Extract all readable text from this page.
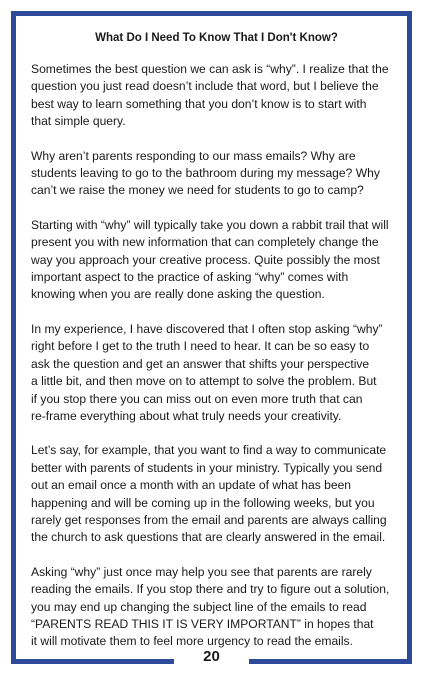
What Do I Need To Know That I Don't Know?

Sometimes the best question we can ask is “why”. I realize that the
question you just read doesn’t include that word, but I believe the
best way to learn something that you don’t know is to start with
that simple query.

Why aren’t parents responding to our mass emails? Why are
students leaving to go to the bathroom during my message? Why
can’t we raise the money we need for students to go to camp?

Starting with “why” will typically take you down a rabbit trail that will
present you with new information that can completely change the
way you approach your creative process. Quite possibly the most
important aspect to the practice of asking “why” comes with
knowing when you are really done asking the question.

In my experience, I have discovered that I often stop asking “why”
right before I get to the truth I need to hear. It can be so easy to
ask the question and get an answer that shifts your perspective
a little bit, and then move on to attempt to solve the problem. But
if you stop there you can miss out on even more truth that can
re-frame everything about what truly needs your creativity.

Let’s say, for example, that you want to find a way to communicate
better with parents of students in your ministry. Typically you send
out an email once a month with an update of what has been
happening and will be coming up in the following weeks, but you
rarely get responses from the email and parents are always calling
the church to ask questions that are clearly answered in the email.

Asking “why” just once may help you see that parents are rarely
reading the emails. If you stop there and try to figure out a solution,
you may end up changing the subject line of the emails to read
“PARENTS READ THIS IT IS VERY IMPORTANT” in hopes that
it will motivate them to feel more urgency to read the emails.

20
